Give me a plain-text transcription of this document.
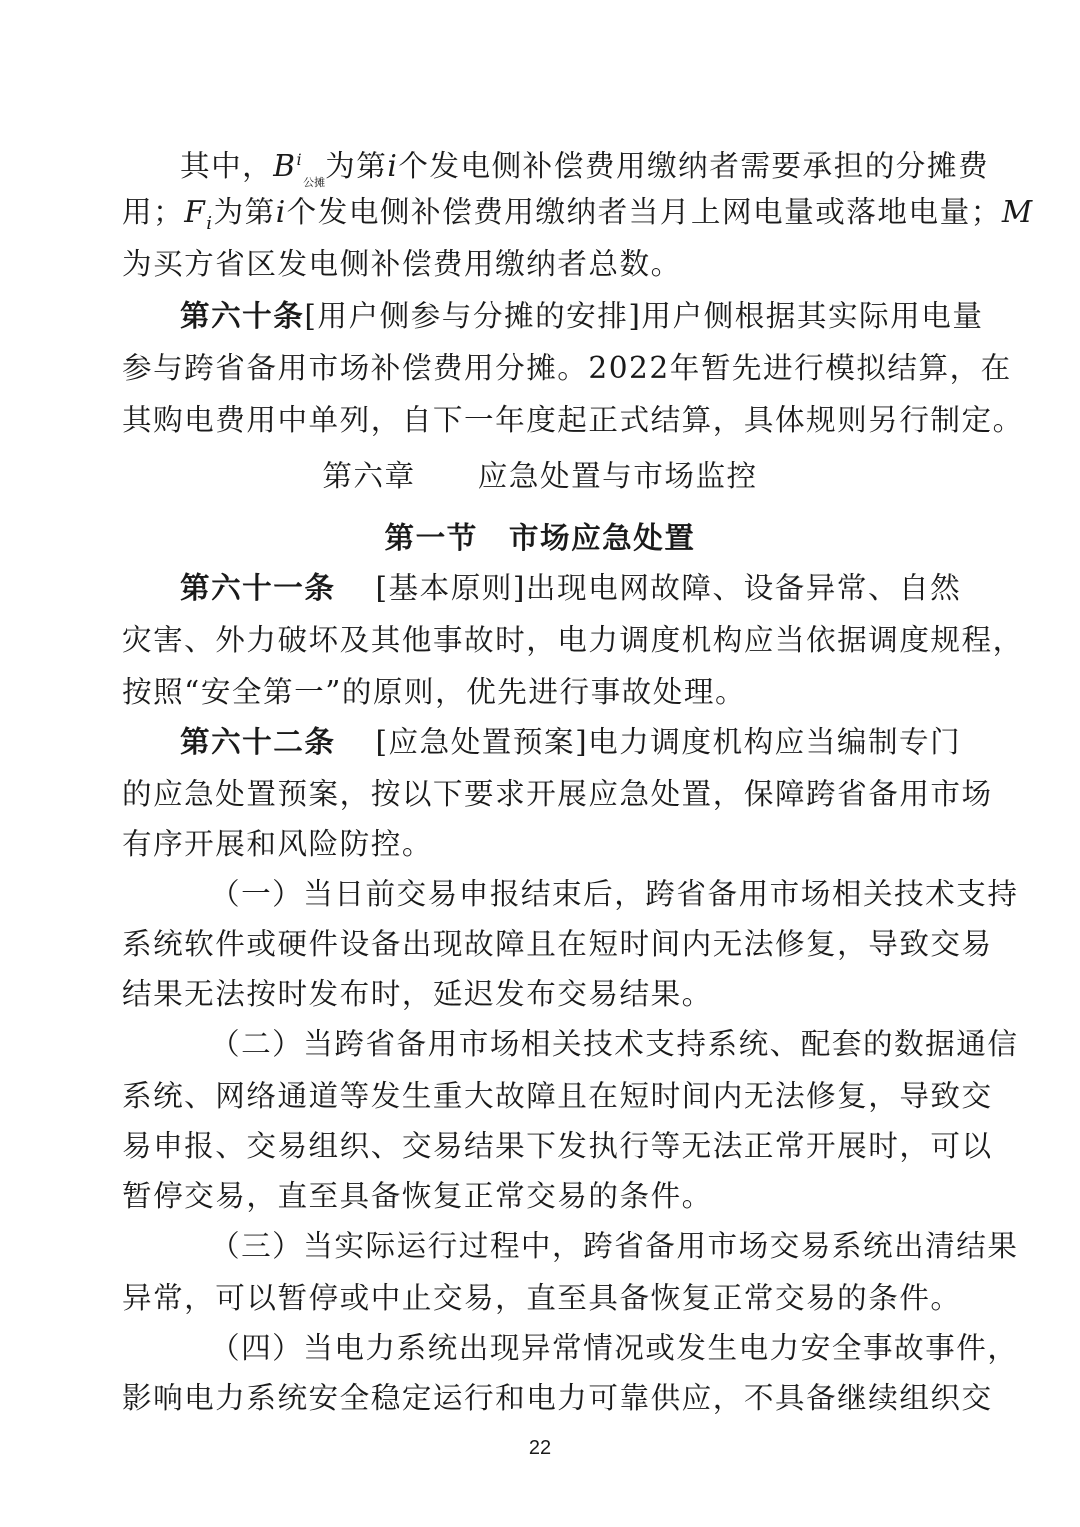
其中，$B^i_{公摊}$为第i个发电侧补偿费用缴纳者需要承担的分摊费
用；$F_i$为第i个发电侧补偿费用缴纳者当月上网电量或落地电量；M
为买方省区发电侧补偿费用缴纳者总数。
第六十条[用户侧参与分摊的安排]用户侧根据其实际用电量
参与跨省备用市场补偿费用分摊。2022年暂先进行模拟结算，在
其购电费用中单列，自下一年度起正式结算，具体规则另行制定。
第六章　　应急处置与市场监控
第一节　市场应急处置
第六十一条 [基本原则]出现电网故障、设备异常、自然
灾害、外力破坏及其他事故时，电力调度机构应当依据调度规程，
按照“安全第一”的原则，优先进行事故处理。
第六十二条 [应急处置预案]电力调度机构应当编制专门
的应急处置预案，按以下要求开展应急处置，保障跨省备用市场
有序开展和风险防控。
（一）当日前交易申报结束后，跨省备用市场相关技术支持
系统软件或硬件设备出现故障且在短时间内无法修复，导致交易
结果无法按时发布时，延迟发布交易结果。
（二）当跨省备用市场相关技术支持系统、配套的数据通信
系统、网络通道等发生重大故障且在短时间内无法修复，导致交
易申报、交易组织、交易结果下发执行等无法正常开展时，可以
暂停交易，直至具备恢复正常交易的条件。
（三）当实际运行过程中，跨省备用市场交易系统出清结果
异常，可以暂停或中止交易，直至具备恢复正常交易的条件。
（四）当电力系统出现异常情况或发生电力安全事故事件，
影响电力系统安全稳定运行和电力可靠供应，不具备继续组织交
22
